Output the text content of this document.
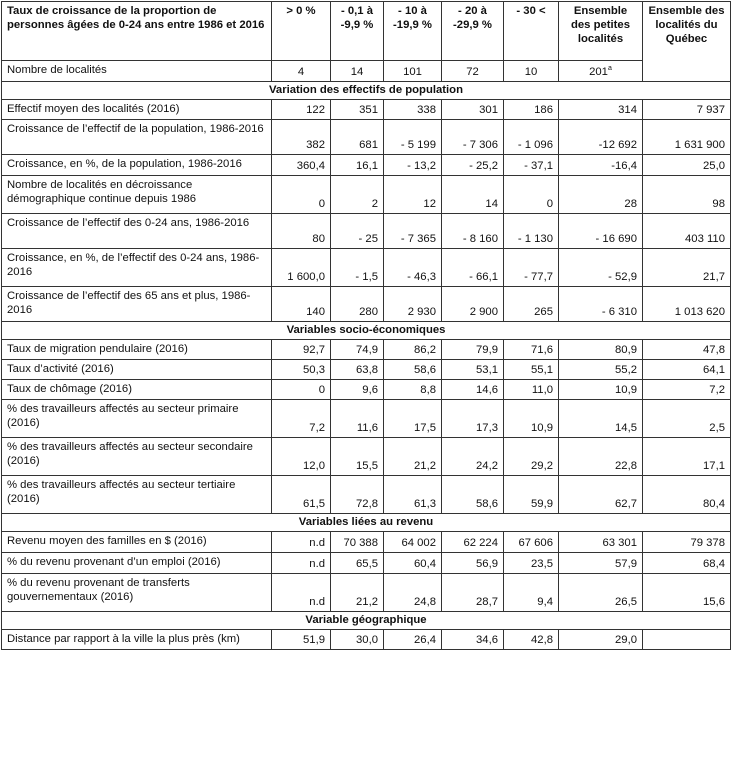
Taux de croissance de la proportion de personnes âgées de 0-24 ans entre 1986 et 2016	> 0 %	- 0,1 à -9,9 %	- 10 à -19,9 %	- 20 à -29,9 %	- 30 <	Ensemble des petites localités	Ensemble des localités du Québec
Nombre de localités	4	14	101	72	10	201$^a$
Variation des effectifs de population							
Effectif moyen des localités (2016)	122	351	338	301	186	314	7 937
Croissance de l’effectif de la population, 1986-2016	382	681	- 5 199	- 7 306	- 1 096	-12 692	1 631 900
Croissance, en %, de la population, 1986-2016	360,4	16,1	- 13,2	- 25,2	- 37,1	-16,4	25,0
Nombre de localités en décroissance démographique continue depuis 1986	0	2	12	14	0	28	98
Croissance de l’effectif des 0-24 ans, 1986-2016	80	- 25	- 7 365	- 8 160	- 1 130	- 16 690	403 110
Croissance, en %, de l’effectif des 0-24 ans, 1986-2016	1 600,0	- 1,5	- 46,3	- 66,1	- 77,7	- 52,9	21,7
Croissance de l’effectif des 65 ans et plus, 1986-2016	140	280	2 930	2 900	265	- 6 310	1 013 620
Variables socio-économiques							
Taux de migration pendulaire (2016)	92,7	74,9	86,2	79,9	71,6	80,9	47,8
Taux d’activité (2016)	50,3	63,8	58,6	53,1	55,1	55,2	64,1
Taux de chômage (2016)	0	9,6	8,8	14,6	11,0	10,9	7,2
% des travailleurs affectés au secteur primaire (2016)	7,2	11,6	17,5	17,3	10,9	14,5	2,5
% des travailleurs affectés au secteur secondaire (2016)	12,0	15,5	21,2	24,2	29,2	22,8	17,1
% des travailleurs affectés au secteur tertiaire (2016)	61,5	72,8	61,3	58,6	59,9	62,7	80,4
Variables liées au revenu							
Revenu moyen des familles en $ (2016)	n.d	70 388	64 002	62 224	67 606	63 301	79 378
% du revenu provenant d’un emploi (2016)	n.d	65,5	60,4	56,9	23,5	57,9	68,4
% du revenu provenant de transferts gouvernementaux (2016)	n.d	21,2	24,8	28,7	9,4	26,5	15,6
Variable géographique							
Distance par rapport à la ville la plus près (km)	51,9	30,0	26,4	34,6	42,8	29,0	
